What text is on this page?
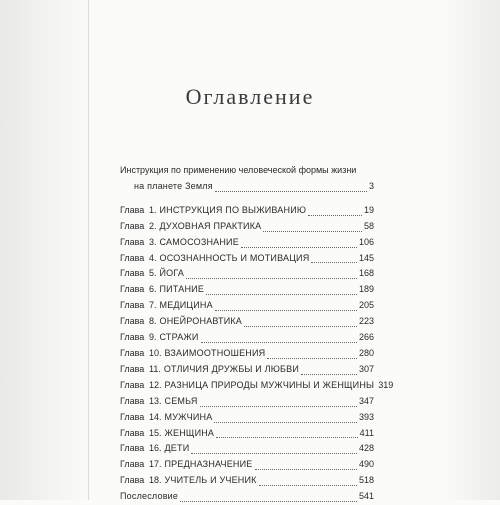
Оглавление
Инструкция по применению человеческой формы жизни
на планете Земля	3
Глава 1. ИНСТРУКЦИЯ ПО ВЫЖИВАНИЮ	19
Глава 2. ДУХОВНАЯ ПРАКТИКА	58
Глава 3. САМОСОЗНАНИЕ	106
Глава 4. ОСОЗНАННОСТЬ И МОТИВАЦИЯ	145
Глава 5. ЙОГА	168
Глава 6. ПИТАНИЕ	189
Глава 7. МЕДИЦИНА	205
Глава 8. ОНЕЙРОНАВТИКА	223
Глава 9. СТРАЖИ	266
Глава 10. ВЗАИМООТНОШЕНИЯ	280
Глава 11. ОТЛИЧИЯ ДРУЖБЫ И ЛЮБВИ	307
Глава 12. РАЗНИЦА ПРИРОДЫ МУЖЧИНЫ И ЖЕНЩИНЫ 319
Глава 13. СЕМЬЯ	347
Глава 14. МУЖЧИНА	393
Глава 15. ЖЕНЩИНА	411
Глава 16. ДЕТИ	428
Глава 17. ПРЕДНАЗНАЧЕНИЕ	490
Глава 18. УЧИТЕЛЬ И УЧЕНИК	518
Послесловие	541
